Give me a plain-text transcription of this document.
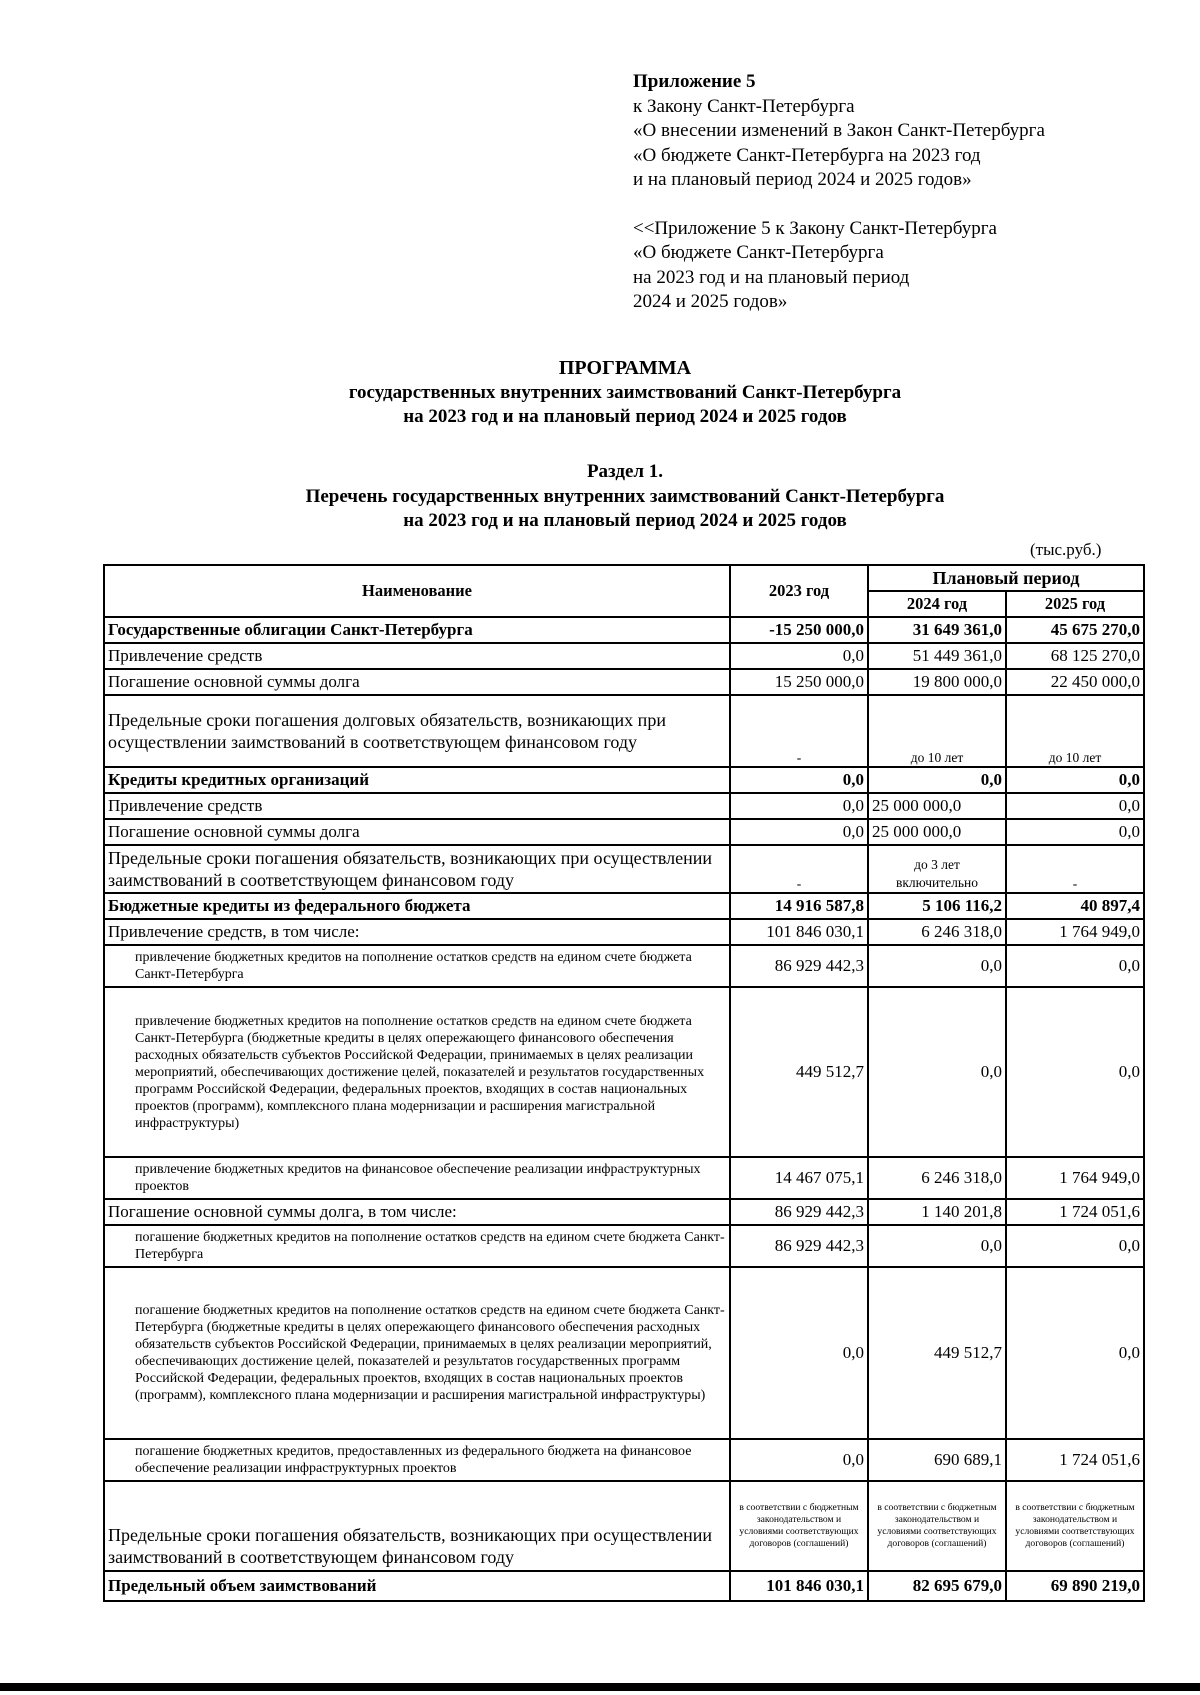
Приложение 5
к Закону Санкт-Петербурга
«О внесении изменений в Закон Санкт-Петербурга
«О бюджете Санкт-Петербурга на 2023 год
и на плановый период 2024 и 2025 годов»
<<Приложение 5 к Закону Санкт-Петербурга
«О бюджете Санкт-Петербурга
на 2023 год и на плановый период
2024 и 2025 годов»
ПРОГРАММА
государственных внутренних заимствований Санкт-Петербурга
на 2023 год и на плановый период 2024 и 2025 годов
Раздел 1.
Перечень государственных внутренних заимствований Санкт-Петербурга
на 2023 год и на плановый период 2024 и 2025 годов
(тыс.руб.)
Наименование	2023 год	Плановый период	
		2024 год	2025 год
Государственные облигации Санкт-Петербурга	-15 250 000,0	31 649 361,0	45 675 270,0
Привлечение средств	0,0	51 449 361,0	68 125 270,0
Погашение основной суммы долга	15 250 000,0	19 800 000,0	22 450 000,0
Предельные сроки погашения долговых обязательств, возникающих при осуществлении заимствований в соответствующем финансовом году	-	до 10 лет	до 10 лет
Кредиты кредитных организаций	0,0	0,0	0,0
Привлечение средств	0,0	25 000 000,0	0,0
Погашение основной суммы долга	0,0	25 000 000,0	0,0
Предельные сроки погашения обязательств, возникающих при осуществлении заимствований в соответствующем финансовом году	-	до 3 лет включительно	-
Бюджетные кредиты из федерального бюджета	14 916 587,8	5 106 116,2	40 897,4
Привлечение средств, в том числе:	101 846 030,1	6 246 318,0	1 764 949,0
привлечение бюджетных кредитов на пополнение остатков средств на едином счете бюджета Санкт-Петербурга	86 929 442,3	0,0	0,0
привлечение бюджетных кредитов на пополнение остатков средств на едином счете бюджета Санкт-Петербурга (бюджетные кредиты в целях опережающего финансового обеспечения расходных обязательств субъектов Российской Федерации, принимаемых в целях реализации мероприятий, обеспечивающих достижение целей, показателей и результатов государственных программ Российской Федерации, федеральных проектов, входящих в состав национальных проектов (программ), комплексного плана модернизации и расширения магистральной инфраструктуры)	449 512,7	0,0	0,0
привлечение бюджетных кредитов на финансовое обеспечение реализации инфраструктурных проектов	14 467 075,1	6 246 318,0	1 764 949,0
Погашение основной суммы долга, в том числе:	86 929 442,3	1 140 201,8	1 724 051,6
погашение бюджетных кредитов на пополнение остатков средств на едином счете бюджета Санкт-Петербурга	86 929 442,3	0,0	0,0
погашение бюджетных кредитов на пополнение остатков средств на едином счете бюджета Санкт-Петербурга (бюджетные кредиты в целях опережающего финансового обеспечения расходных обязательств субъектов Российской Федерации, принимаемых в целях реализации мероприятий, обеспечивающих достижение целей, показателей и результатов государственных программ Российской Федерации, федеральных проектов, входящих в состав национальных проектов (программ), комплексного плана модернизации и расширения магистральной инфраструктуры)	0,0	449 512,7	0,0
погашение бюджетных кредитов, предоставленных из федерального бюджета на финансовое обеспечение реализации инфраструктурных проектов	0,0	690 689,1	1 724 051,6
Предельные сроки погашения обязательств, возникающих при осуществлении заимствований в соответствующем финансовом году	в соответствии с бюджетным законодательством и условиями соответствующих договоров (соглашений)	в соответствии с бюджетным законодательством и условиями соответствующих договоров (соглашений)	в соответствии с бюджетным законодательством и условиями соответствующих договоров (соглашений)
Предельный объем заимствований	101 846 030,1	82 695 679,0	69 890 219,0
